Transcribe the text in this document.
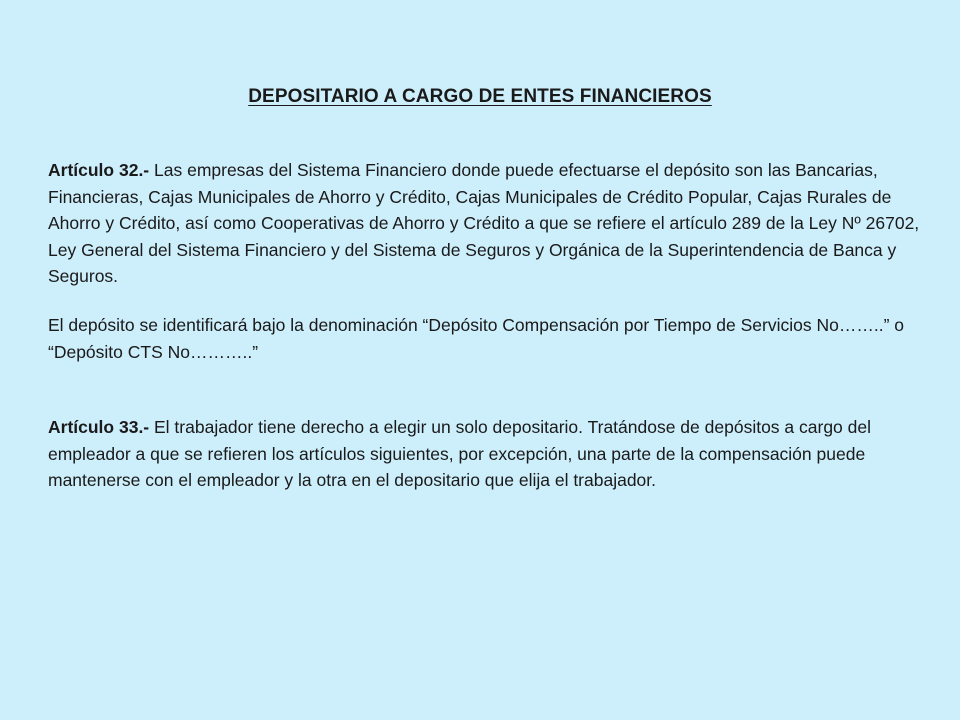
DEPOSITARIO A CARGO DE ENTES FINANCIEROS
Artículo 32.- Las empresas del Sistema Financiero donde puede efectuarse el depósito son las Bancarias, Financieras, Cajas Municipales de Ahorro y Crédito, Cajas Municipales de Crédito Popular, Cajas Rurales de Ahorro y Crédito, así como Cooperativas de Ahorro y Crédito a que se refiere el artículo 289 de la Ley Nº 26702, Ley General del Sistema Financiero y del Sistema de Seguros y Orgánica de la Superintendencia de Banca y Seguros.
El depósito se identificará bajo la denominación “Depósito Compensación por Tiempo de Servicios No……..” o “Depósito CTS No………..”
Artículo 33.- El trabajador tiene derecho a elegir un solo depositario. Tratándose de depósitos a cargo del empleador a que se refieren los artículos siguientes, por excepción, una parte de la compensación puede mantenerse con el empleador y la otra en el depositario que elija el trabajador.
